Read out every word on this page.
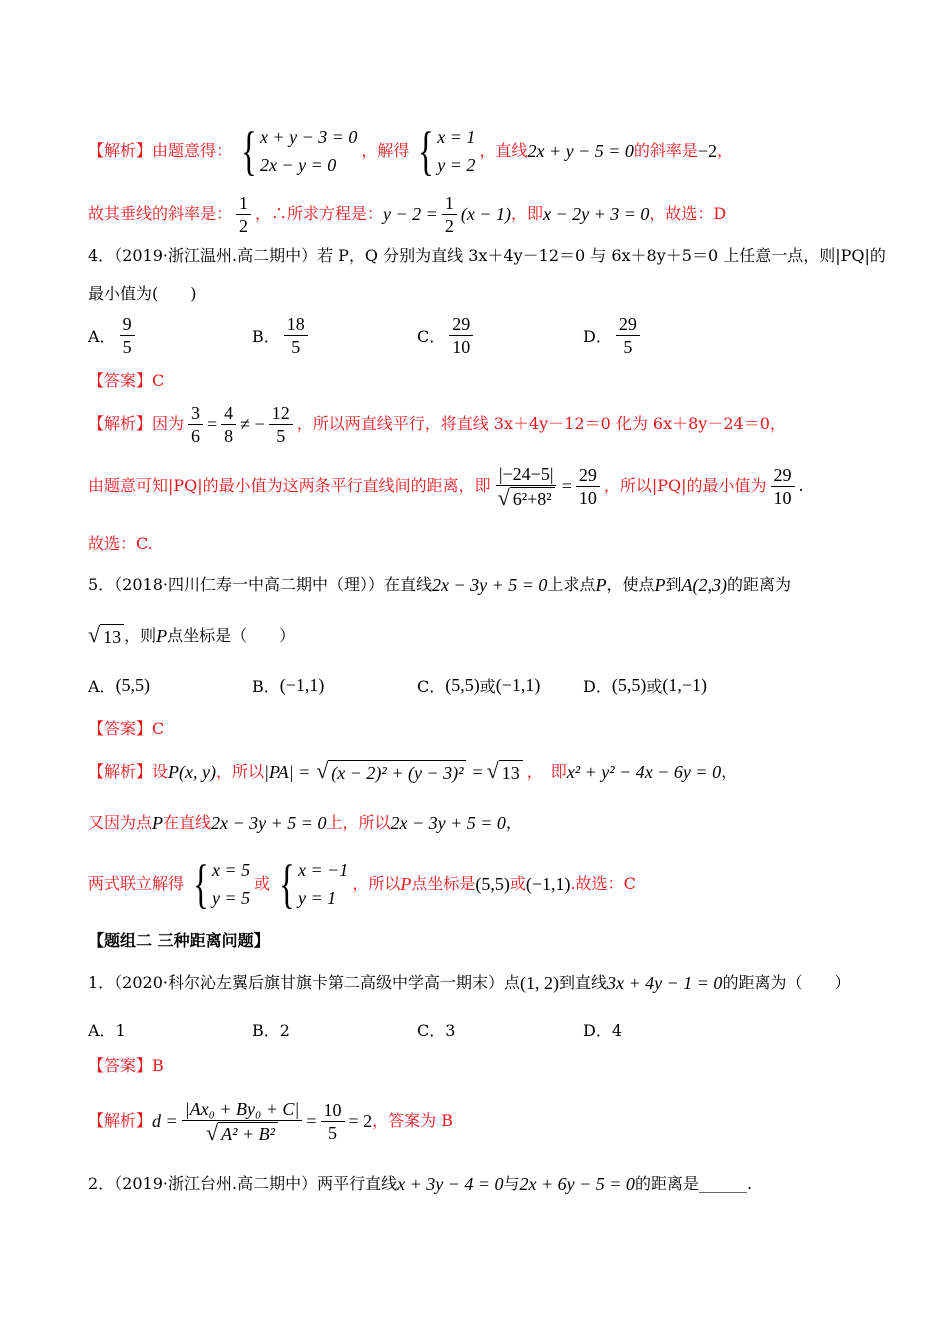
【解析】由题意得： { x + y − 3 = 0
2x − y = 0
，解得 { x = 1
y = 2
，直线 2x + y − 5 = 0 的斜率是 −2 ，
故其垂线的斜率是： $\frac{1}{2}$ ，∴所求方程是： $y - 2 = \frac{1}{2} (x - 1)$ ，即 x − 2y + 3 = 0 ，故选：D
4．（2019·浙江温州.高二期中）若 P，Q 分别为直线 3x＋4y－12＝0 与 6x＋8y＋5＝0 上任意一点，则|PQ|的
最小值为(　　)
A． $\frac{9}{5}$	B． $\frac{18}{5}$	C． $\frac{29}{10}$	D． $\frac{29}{5}$
【答案】C
【解析】因为 $\frac{3}{6} = \frac{4}{8}$ ≠ − $\frac{12}{5}$ ，所以两直线平行，将直线 3x＋4y－12＝0 化为 6x＋8y－24＝0，
由题意可知|PQ|的最小值为这两条平行直线间的距离，即 $\frac{|-24-5|}{\text{√ 6²+8²}} = \frac{29}{10}$ ，所以|PQ|的最小值为 $\frac{29}{10}$ .
故选：C.
5．（2018·四川仁寿一中高二期中（理））在直线 2x − 3y + 5 = 0 上求点 P ，使点 P 到 A(2,3) 的距离为
√ 13 ，则 P 点坐标是（　　）
A． (5,5)	B． (−1,1)	C． (5,5) 或 (−1,1)	D． (5,5) 或 (1,−1)
【答案】C
【解析】设 P(x, y) ，所以 |PA| = √ (x − 2)² + (y − 3)² = √ 13 ，　即 x² + y² − 4x − 6y = 0 ，
又因为点 P 在直线 2x − 3y + 5 = 0 上，所以 2x − 3y + 5 = 0 ，
两式联立解得 { x = 5
y = 5
或 { x = −1
y = 1
，所以 P 点坐标是 (5,5) 或 (−1,1) .故选：C
【题组二 三种距离问题】
1．（2020·科尔沁左翼后旗甘旗卡第二高级中学高一期末）点 (1, 2) 到直线 3x + 4y − 1 = 0 的距离为（　　）
A．1	B．2	C．3	D．4
【答案】B
【解析】 $d = \frac{\text{|Ax₀ + By₀ + C|}}{\text{√ A² + B²}} = \frac{10}{5} = 2$ ，答案为 B
2．（2019·浙江台州.高二期中）两平行直线 x + 3y − 4 = 0 与 2x + 6y − 5 = 0 的距离是______.
